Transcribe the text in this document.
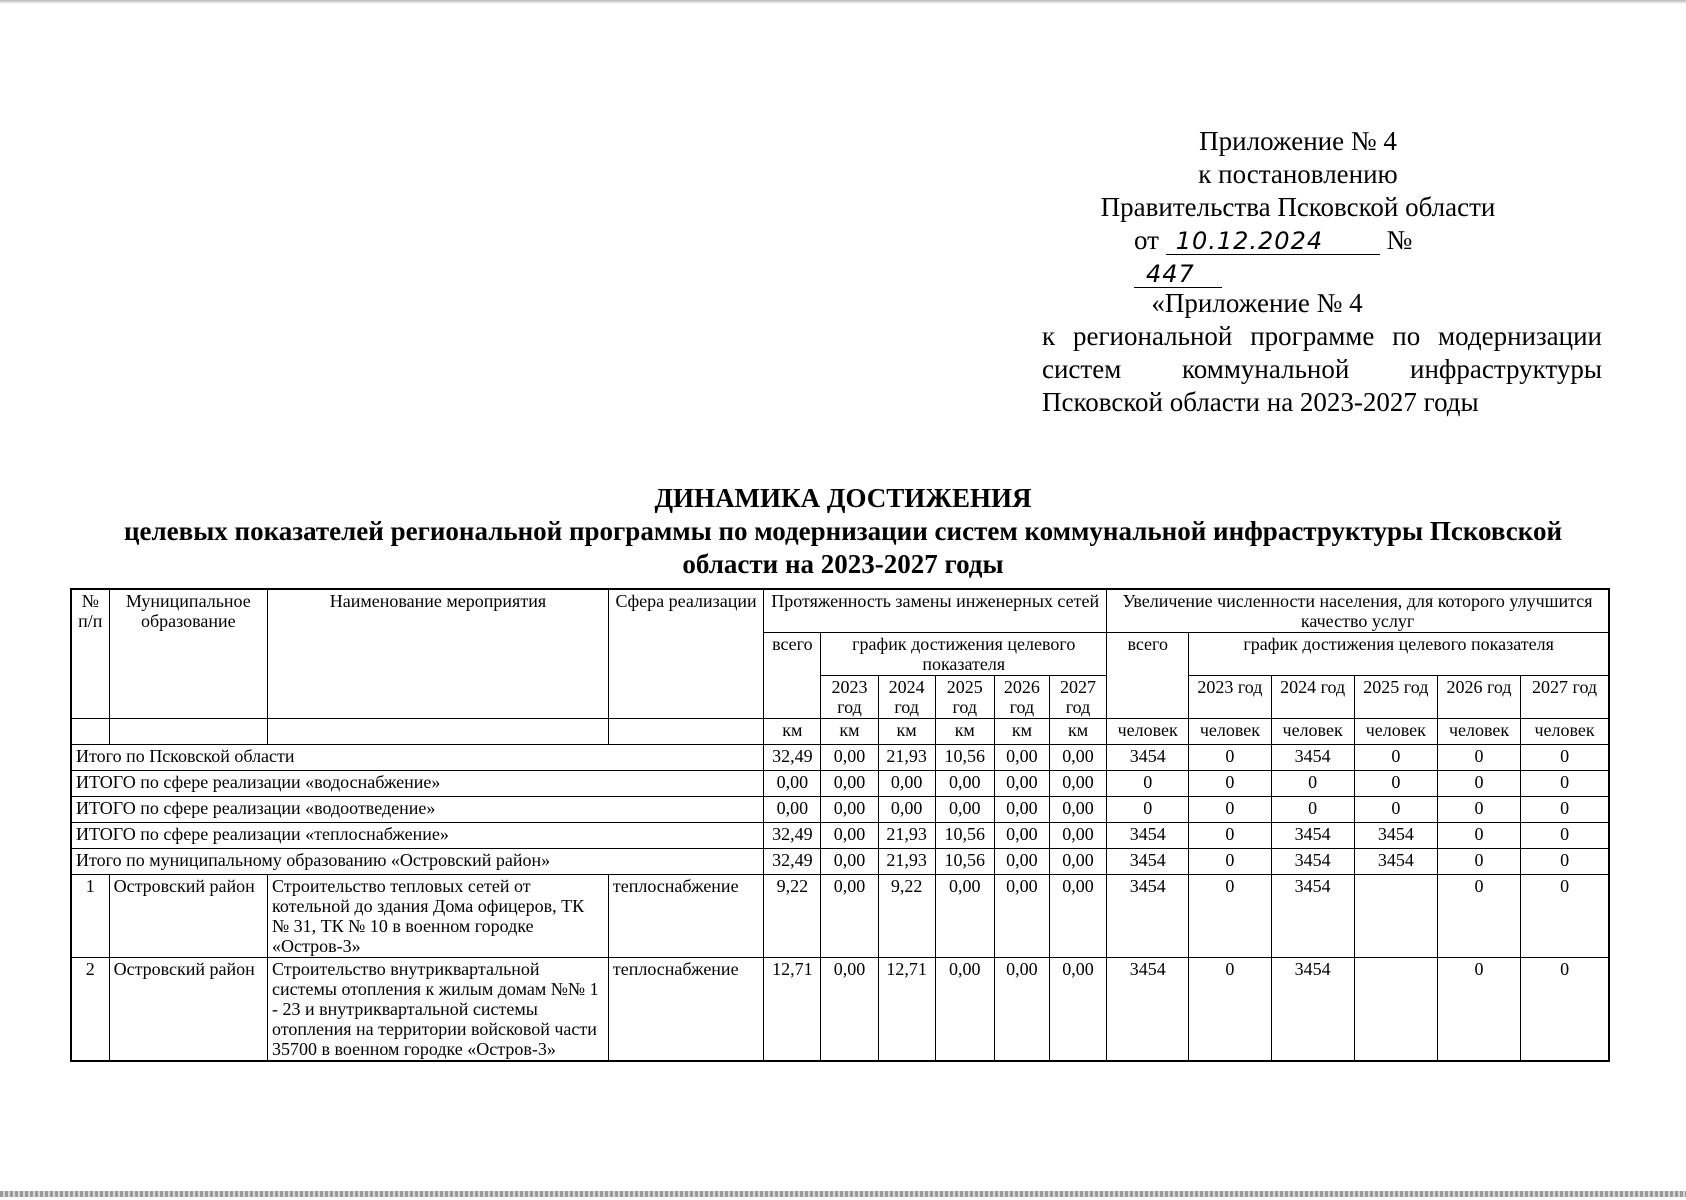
Приложение № 4
к постановлению
Правительства Псковской области
от 10.12.2024 № 447
«Приложение № 4
к региональной программе по модернизации
систем коммунальной инфраструктуры
Псковской области на 2023-2027 годы
ДИНАМИКА ДОСТИЖЕНИЯ
целевых показателей региональной программы по модернизации систем коммунальной инфраструктуры Псковской
области на 2023-2027 годы
№ п/п	Муниципальное образование	Наименование мероприятия	Сфера реализации	Протяженность замены инженерных сетей						Увеличение численности населения, для которого улучшится качество услуг					
				всего	график достижения целевого показателя					всего	график достижения целевого показателя				
					2023 год	2024 год	2025 год	2026 год	2027 год		2023 год	2024 год	2025 год	2026 год	2027 год
				км	км	км	км	км	км	человек	человек	человек	человек	человек	человек
Итого по Псковской области				32,49	0,00	21,93	10,56	0,00	0,00	3454	0	3454	0	0	0
ИТОГО по сфере реализации «водоснабжение»				0,00	0,00	0,00	0,00	0,00	0,00	0	0	0	0	0	0
ИТОГО по сфере реализации «водоотведение»				0,00	0,00	0,00	0,00	0,00	0,00	0	0	0	0	0	0
ИТОГО по сфере реализации «теплоснабжение»				32,49	0,00	21,93	10,56	0,00	0,00	3454	0	3454	3454	0	0
Итого по муниципальному образованию «Островский район»				32,49	0,00	21,93	10,56	0,00	0,00	3454	0	3454	3454	0	0
1	Островский район	Строительство тепловых сетей от котельной до здания Дома офицеров, ТК № 31, ТК № 10 в военном городке «Остров-3»	теплоснабжение	9,22	0,00	9,22	0,00	0,00	0,00	3454	0	3454		0	0
2	Островский район	Строительство внутриквартальной системы отопления к жилым домам №№ 1 - 23 и внутриквартальной системы отопления на территории войсковой части 35700 в военном городке «Остров-3»	теплоснабжение	12,71	0,00	12,71	0,00	0,00	0,00	3454	0	3454		0	0
